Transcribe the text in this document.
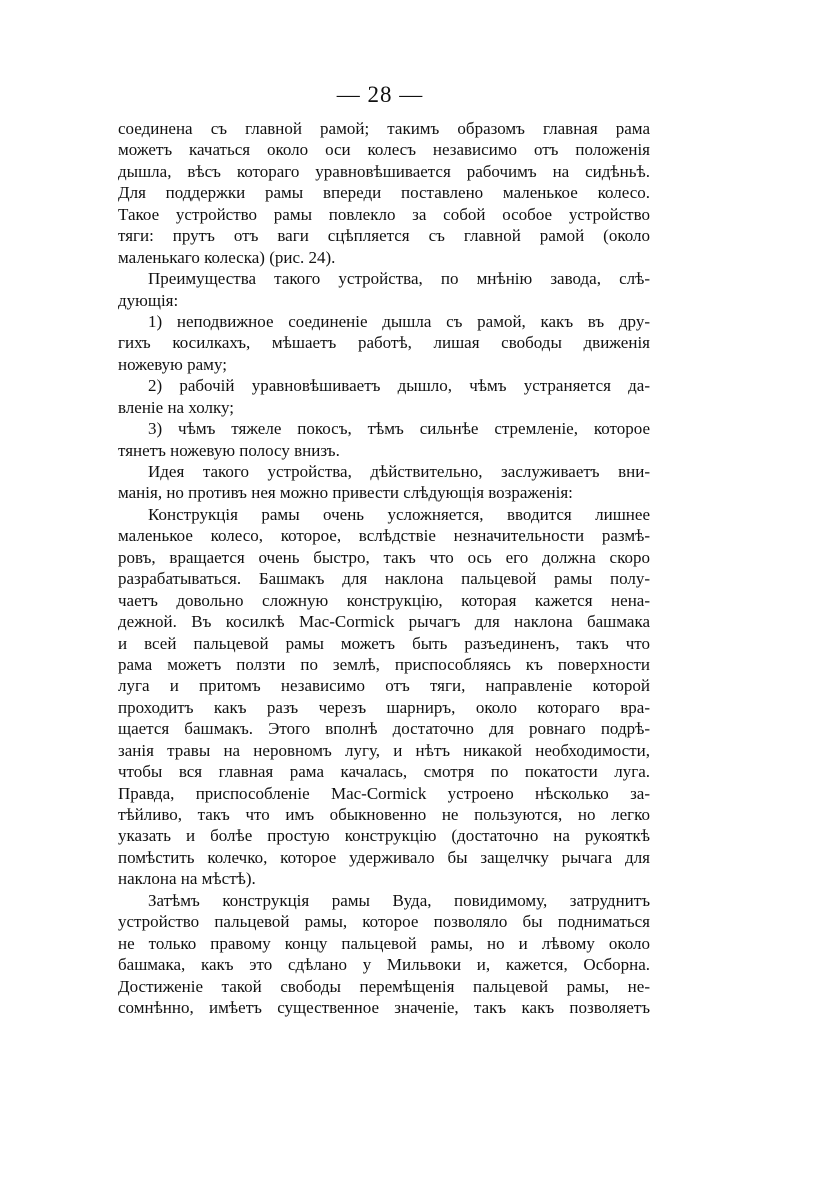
— 28 —
соединена съ главной рамой; такимъ образомъ главная рама
можетъ качаться около оси колесъ независимо отъ положенія
дышла, вѣсъ котораго уравновѣшивается рабочимъ на сидѣньѣ.
Для поддержки рамы впереди поставлено маленькое колесо.
Такое устройство рамы повлекло за собой особое устройство
тяги: прутъ отъ ваги сцѣпляется съ главной рамой (около
маленькаго колеска) (рис. 24).
Преимущества такого устройства, по мнѣнію завода, слѣ-
дующія:
1) неподвижное соединеніе дышла съ рамой, какъ въ дру-
гихъ косилкахъ, мѣшаетъ работѣ, лишая свободы движенія
ножевую раму;
2) рабочій уравновѣшиваетъ дышло, чѣмъ устраняется да-
вленіе на холку;
3) чѣмъ тяжеле покосъ, тѣмъ сильнѣе стремленіе, которое
тянетъ ножевую полосу внизъ.
Идея такого устройства, дѣйствительно, заслуживаетъ вни-
манія, но противъ нея можно привести слѣдующія возраженія:
Конструкція рамы очень усложняется, вводится лишнее
маленькое колесо, которое, вслѣдствіе незначительности размѣ-
ровъ, вращается очень быстро, такъ что ось его должна скоро
разрабатываться. Башмакъ для наклона пальцевой рамы полу-
чаетъ довольно сложную конструкцію, которая кажется нена-
дежной. Въ косилкѣ Mac-Cormick рычагъ для наклона башмака
и всей пальцевой рамы можетъ быть разъединенъ, такъ что
рама можетъ ползти по землѣ, приспособляясь къ поверхности
луга и притомъ независимо отъ тяги, направленіе которой
проходитъ какъ разъ черезъ шарниръ, около котораго вра-
щается башмакъ. Этого вполнѣ достаточно для ровнаго подрѣ-
занія травы на неровномъ лугу, и нѣтъ никакой необходимости,
чтобы вся главная рама качалась, смотря по покатости луга.
Правда, приспособленіе Mac-Cormick устроено нѣсколько за-
тѣйливо, такъ что имъ обыкновенно не пользуются, но легко
указать и болѣе простую конструкцію (достаточно на рукояткѣ
помѣстить колечко, которое удерживало бы защелчку рычага для
наклона на мѣстѣ).
Затѣмъ конструкція рамы Вуда, повидимому, затруднитъ
устройство пальцевой рамы, которое позволяло бы подниматься
не только правому концу пальцевой рамы, но и лѣвому около
башмака, какъ это сдѣлано у Мильвоки и, кажется, Осборна.
Достиженіе такой свободы перемѣщенія пальцевой рамы, не-
сомнѣнно, имѣетъ существенное значеніе, такъ какъ позволяетъ
